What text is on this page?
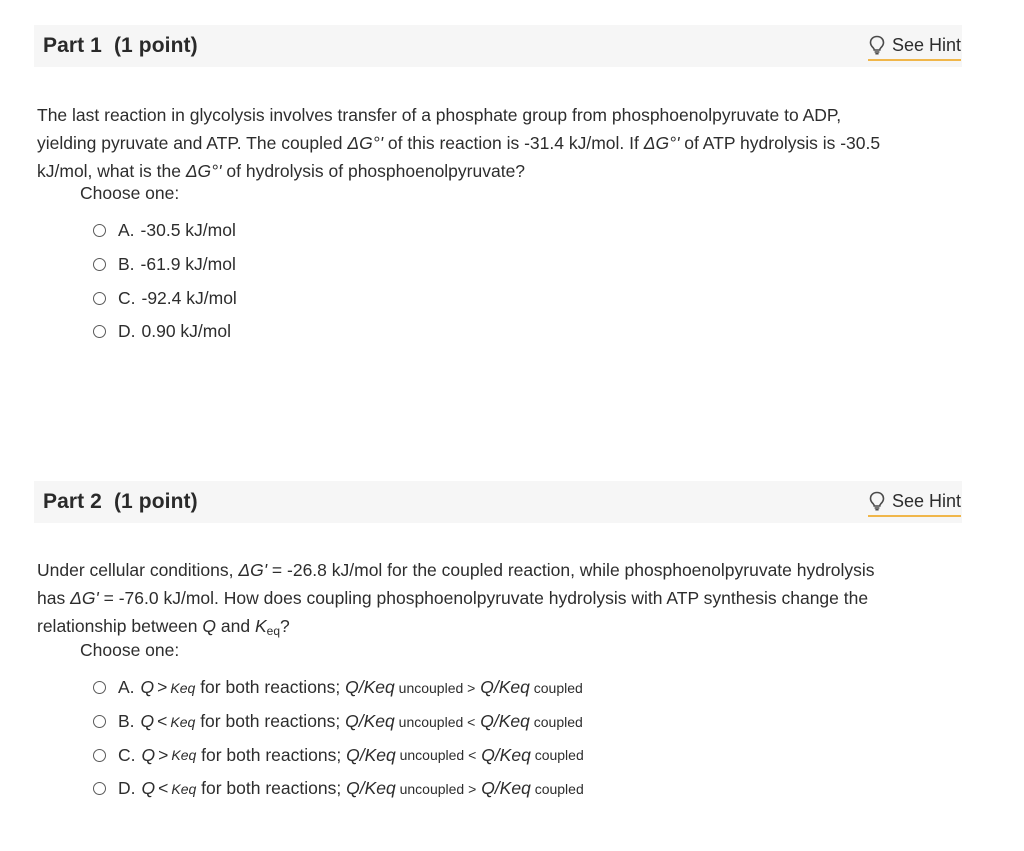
Part 1 (1 point)	See Hint
The last reaction in glycolysis involves transfer of a phosphate group from phosphoenolpyruvate to ADP,
yielding pyruvate and ATP. The coupled ΔG°' of this reaction is -31.4 kJ/mol. If ΔG°' of ATP hydrolysis is -30.5
kJ/mol, what is the ΔG°' of hydrolysis of phosphoenolpyruvate?
Choose one:
A. -30.5 kJ/mol
B. -61.9 kJ/mol
C. -92.4 kJ/mol
D. 0.90 kJ/mol
Part 2 (1 point)	See Hint
Under cellular conditions, ΔG' = -26.8 kJ/mol for the coupled reaction, while phosphoenolpyruvate hydrolysis
has ΔG' = -76.0 kJ/mol. How does coupling phosphoenolpyruvate hydrolysis with ATP synthesis change the
relationship between Q and $K_{eq}$?
Choose one:
A. Q > Keq for both reactions; Q/Keq uncoupled >
Q/Keq coupled
B. Q < Keq for both reactions; Q/Keq uncoupled <
Q/Keq coupled
C. Q > Keq for both reactions; Q/Keq uncoupled <
Q/Keq coupled
D. Q < Keq for both reactions; Q/Keq uncoupled >
Q/Keq coupled
